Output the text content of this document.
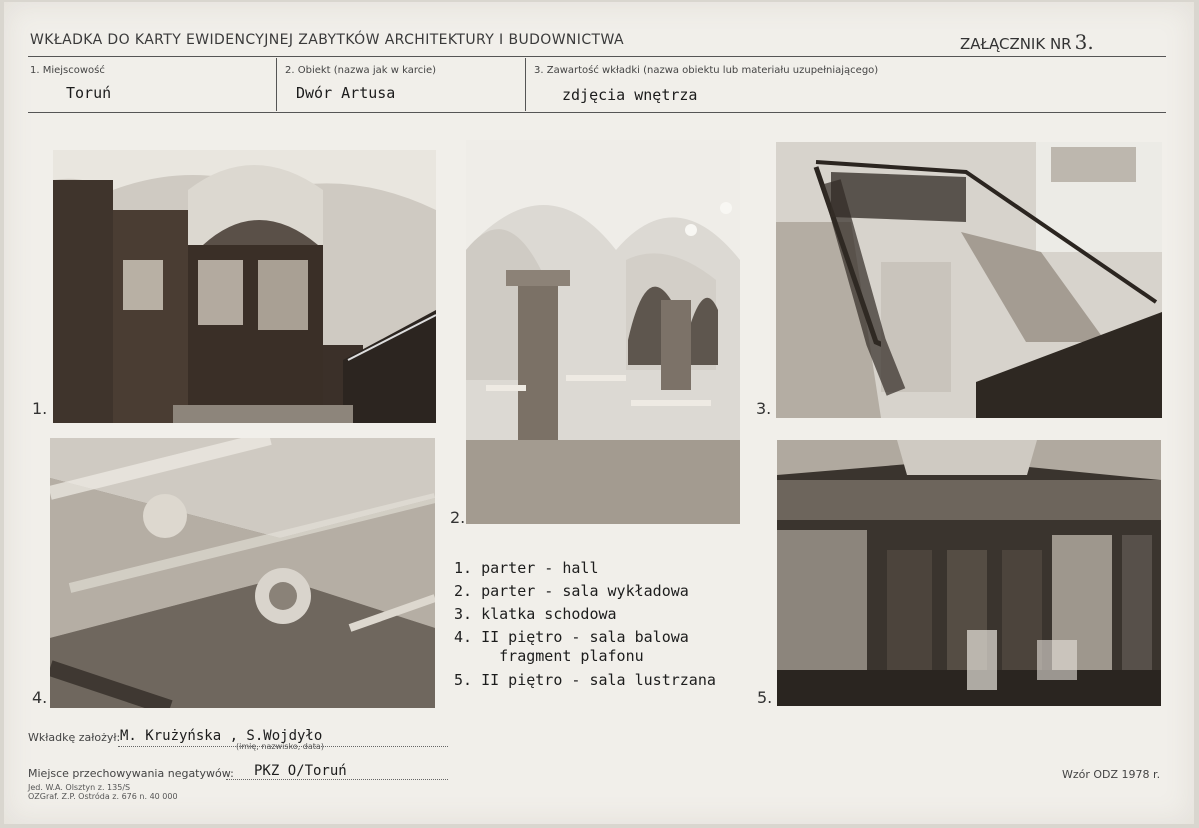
WKŁADKA DO KARTY EWIDENCYJNEJ ZABYTKÓW ARCHITEKTURY I BUDOWNICTWA	ZAŁĄCZNIK NR 3.
1. Miejscowość
Toruń
2. Obiekt (nazwa jak w karcie)
Dwór Artusa
3. Zawartość wkładki (nazwa obiektu lub materiału uzupełniającego)
zdjęcia wnętrza
1.
2.
3.
4.	5.
1. parter - hall
2. parter - sala wykładowa
3. klatka schodowa
4. II piętro - sala balowa
fragment plafonu
5. II piętro - sala lustrzana
Wkładkę założył: M. Krużyńska , S.Wojdyło
(imię, nazwisko, data)
Miejsce przechowywania negatywów: PKZ O/Toruń
Jed. W.A. Olsztyn z. 135/S
OZGraf. Z.P. Ostróda z. 676 n. 40 000
Wzór ODZ 1978 r.
